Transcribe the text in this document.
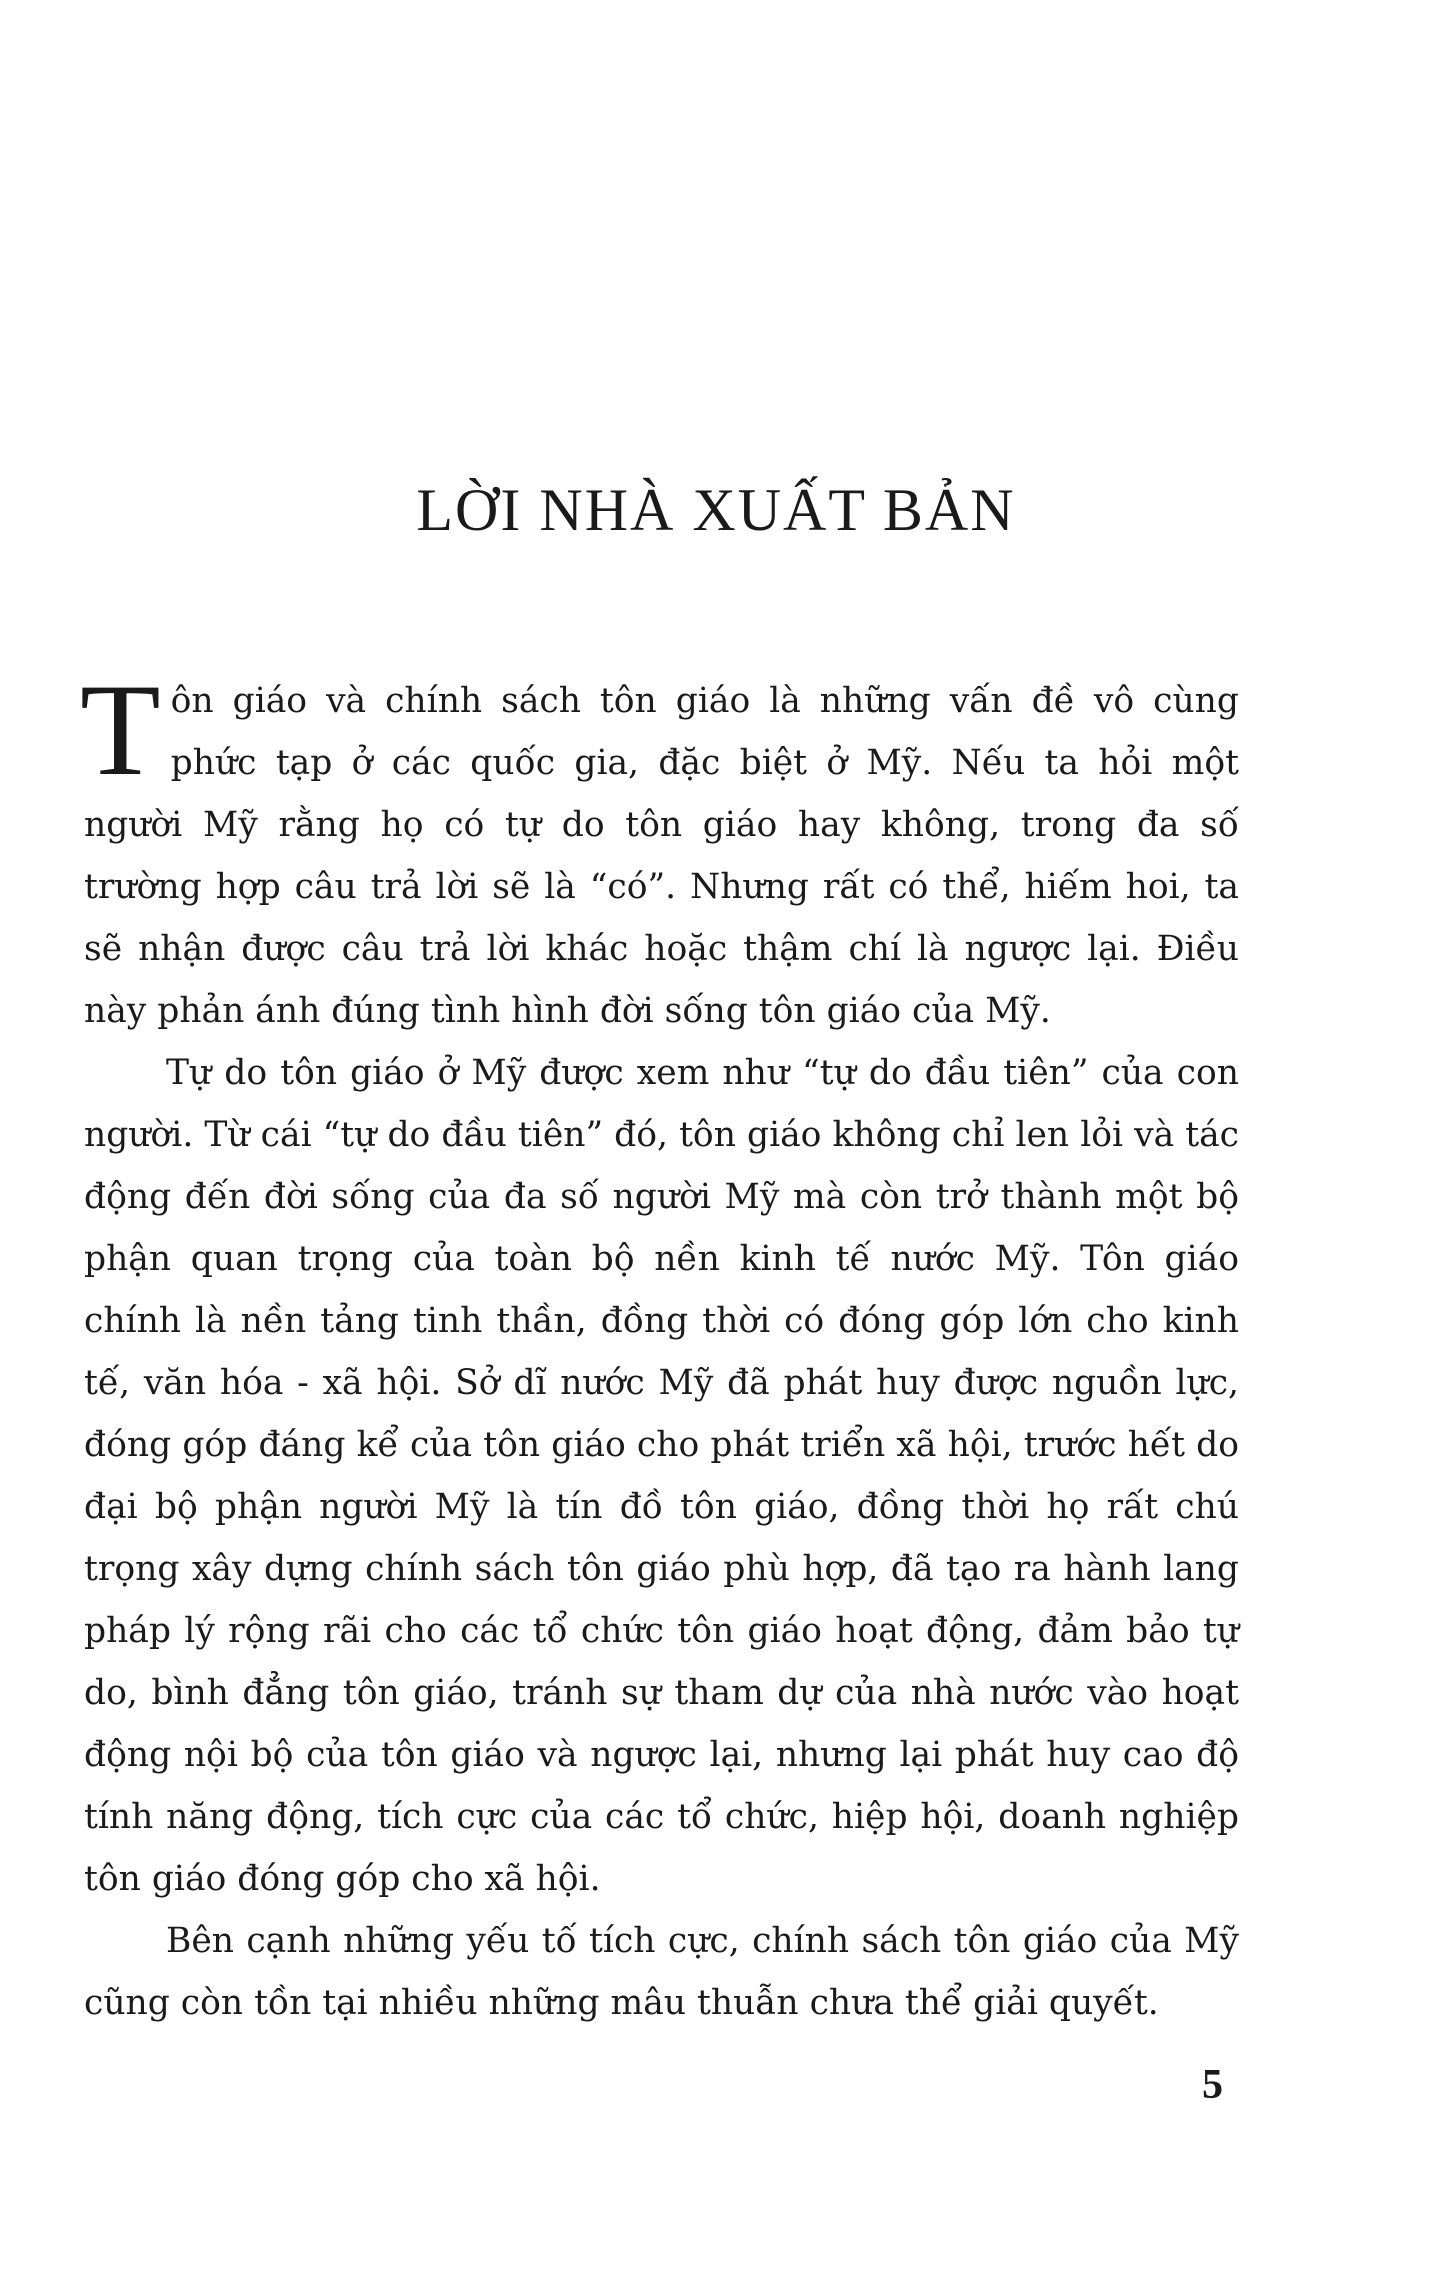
LỜI NHÀ XUẤT BẢN

Tôn giáo và chính sách tôn giáo là những vấn đề vô cùng phức tạp ở các quốc gia, đặc biệt ở Mỹ. Nếu ta hỏi một người Mỹ rằng họ có tự do tôn giáo hay không, trong đa số trường hợp câu trả lời sẽ là “có”. Nhưng rất có thể, hiếm hoi, ta sẽ nhận được câu trả lời khác hoặc thậm chí là ngược lại. Điều này phản ánh đúng tình hình đời sống tôn giáo của Mỹ.

Tự do tôn giáo ở Mỹ được xem như “tự do đầu tiên” của con người. Từ cái “tự do đầu tiên” đó, tôn giáo không chỉ len lỏi và tác động đến đời sống của đa số người Mỹ mà còn trở thành một bộ phận quan trọng của toàn bộ nền kinh tế nước Mỹ. Tôn giáo chính là nền tảng tinh thần, đồng thời có đóng góp lớn cho kinh tế, văn hóa - xã hội. Sở dĩ nước Mỹ đã phát huy được nguồn lực, đóng góp đáng kể của tôn giáo cho phát triển xã hội, trước hết do đại bộ phận người Mỹ là tín đồ tôn giáo, đồng thời họ rất chú trọng xây dựng chính sách tôn giáo phù hợp, đã tạo ra hành lang pháp lý rộng rãi cho các tổ chức tôn giáo hoạt động, đảm bảo tự do, bình đẳng tôn giáo, tránh sự tham dự của nhà nước vào hoạt động nội bộ của tôn giáo và ngược lại, nhưng lại phát huy cao độ tính năng động, tích cực của các tổ chức, hiệp hội, doanh nghiệp tôn giáo đóng góp cho xã hội.

Bên cạnh những yếu tố tích cực, chính sách tôn giáo của Mỹ cũng còn tồn tại nhiều những mâu thuẫn chưa thể giải quyết.

5
